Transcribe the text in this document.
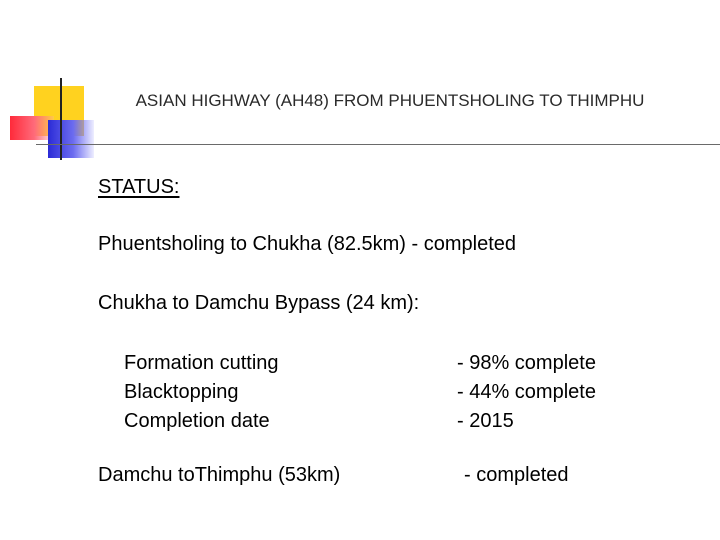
ASIAN HIGHWAY (AH48) FROM PHUENTSHOLING TO THIMPHU
STATUS:
Phuentsholing to Chukha (82.5km) - completed
Chukha to Damchu Bypass (24 km):
Formation cutting
Blacktopping
Completion date
- 98% complete
- 44% complete
- 2015
Damchu to​Thimphu (53km)	- completed
